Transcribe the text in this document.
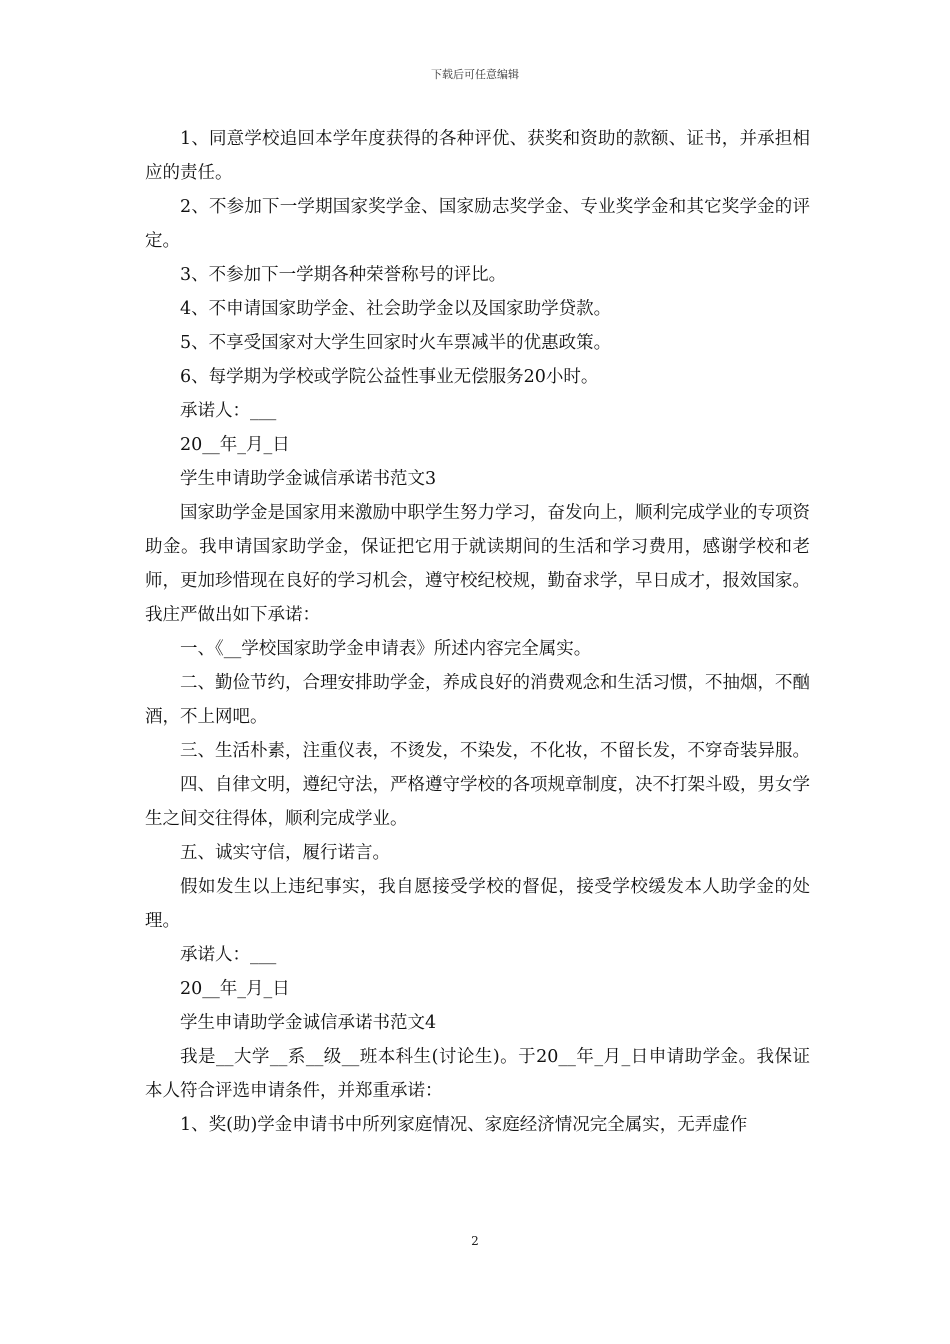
下载后可任意编辑

1、同意学校追回本学年度获得的各种评优、获奖和资助的款额、证书，并承担相应的责任。

2、不参加下一学期国家奖学金、国家励志奖学金、专业奖学金和其它奖学金的评定。

3、不参加下一学期各种荣誉称号的评比。

4、不申请国家助学金、社会助学金以及国家助学贷款。

5、不享受国家对大学生回家时火车票减半的优惠政策。

6、每学期为学校或学院公益性事业无偿服务20小时。

承诺人：___

20__年_月_日

学生申请助学金诚信承诺书范文3

国家助学金是国家用来激励中职学生努力学习，奋发向上，顺利完成学业的专项资助金。我申请国家助学金，保证把它用于就读期间的生活和学习费用，感谢学校和老师，更加珍惜现在良好的学习机会，遵守校纪校规，勤奋求学，早日成才，报效国家。我庄严做出如下承诺：

一、《__学校国家助学金申请表》所述内容完全属实。

二、勤俭节约，合理安排助学金，养成良好的消费观念和生活习惯，不抽烟，不酗酒，不上网吧。

三、生活朴素，注重仪表，不烫发，不染发，不化妆，不留长发，不穿奇装异服。

四、自律文明，遵纪守法，严格遵守学校的各项规章制度，决不打架斗殴，男女学生之间交往得体，顺利完成学业。

五、诚实守信，履行诺言。

假如发生以上违纪事实，我自愿接受学校的督促，接受学校缓发本人助学金的处理。

承诺人：___

20__年_月_日

学生申请助学金诚信承诺书范文4

我是__大学__系__级__班本科生(讨论生)。于20__年_月_日申请助学金。我保证本人符合评选申请条件，并郑重承诺：

1、奖(助)学金申请书中所列家庭情况、家庭经济情况完全属实，无弄虚作

2
